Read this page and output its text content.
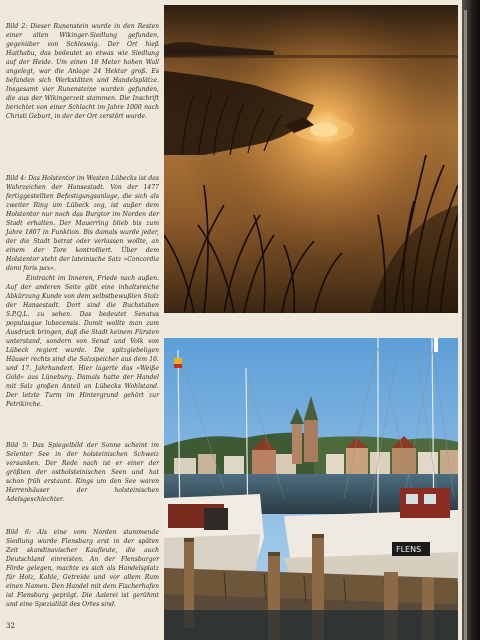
Bild 2: Dieser Runenstein wurde in den Resten einer alten Wikinger-Siedlung gefunden, gegenüber von Schleswig. Der Ort hieß Haithabu, das bedeutet so etwas wie Siedlung auf der Heide. Um einen 18 Meter hohen Wall angelegt, war die Anlage 24 Hektar groß. Es befanden sich Werkstätten und Handelsplätze. Insgesamt vier Runensteine wurden gefunden, die aus der Wikingerzeit stammen. Die Inschrift berichtet von einer Schlacht im Jahre 1000 nach Christi Geburt, in der der Ort zerstört wurde.

Bild 4: Das Holstentor im Westen Lübecks ist das Wahrzeichen der Hansestadt. Von der 1477 fertiggestellten Befestigungsanlage, die sich als zweiter Ring um Lübeck zog, ist außer dem Holstentor nur noch das Burgtor im Norden der Stadt erhalten. Der Mauerring blieb bis zum Jahre 1807 in Funktion. Bis damals wurde jeder, der die Stadt betrat oder verlassen wollte, an einem der Tore kontrolliert. Über dem Holstentor steht der lateinische Satz »Concordia domi foris pax«.

Eintracht im Inneren, Friede nach außen. Auf der anderen Seite gibt eine inhaltsreiche Abkürzung Kunde von dem selbstbewußten Stolz der Hansestadt. Dort sind die Buchstaben S.P.Q.L. zu sehen. Das bedeutet Senatus populusque lubecensis. Damit wollte man zum Ausdruck bringen, daß die Stadt keinem Fürsten unterstand, sondern von Senat und Volk von Lübeck regiert wurde. Die spitzgiebeligen Häuser rechts sind die Salzspeicher aus dem 16. und 17. Jahrhundert. Hier lagerte das »Weiße Gold« aus Lüneburg. Damals hatte der Handel mit Salz großen Anteil an Lübecks Wohlstand. Der letzte Turm im Hintergrund gehört zur Petrikirche.

Bild 5: Das Spiegelbild der Sonne scheint im Selenter See in der holsteinischen Schweiz versunken. Der Rede nach ist er einer der größten der ostholsteinischen Seen und hat schon früh erstaunt. Rings um den See waren Herrenhäuser der holsteinischen Adelsgeschlechter.

Bild 6: Als eine vom Norden stammende Siedlung wurde Flensburg erst in der späten Zeit skandinavischer Kaufleute, die auch Deutschland einreisten. An der Flensburger Förde gelegen, machte es sich als Handelsplatz für Holz, Kohle, Getreide und vor allem Rum einen Namen. Den Handel mit dem Fischerhafen ist Flensburg geprägt. Die Aalerei ist gerühmt und eine Spezialität des Ortes sind.

32
FLENS
